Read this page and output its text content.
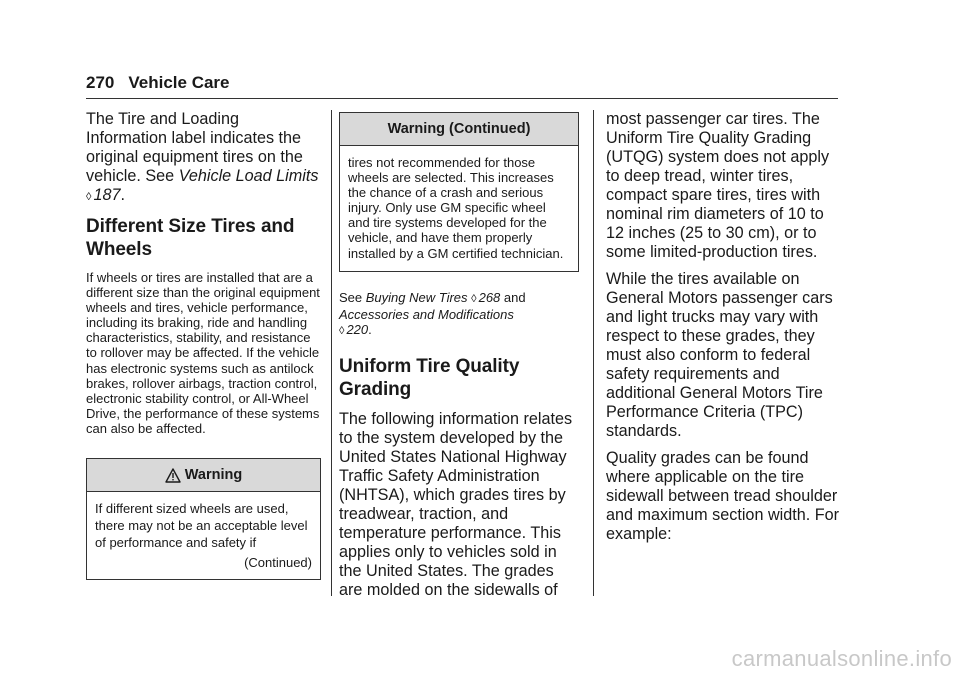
270 Vehicle Care

The Tire and Loading Information label indicates the original equipment tires on the vehicle. See Vehicle Load Limits
◊ 187.

Different Size Tires and Wheels

If wheels or tires are installed that are a different size than the original equipment wheels and tires, vehicle performance, including its braking, ride and handling characteristics, stability, and resistance to rollover may be affected. If the vehicle has electronic systems such as antilock brakes, rollover airbags, traction control, electronic stability control, or All-Wheel Drive, the performance of these systems can also be affected.

Warning
If different sized wheels are used, there may not be an acceptable level of performance and safety if
(Continued)
Warning (Continued)
tires not recommended for those wheels are selected. This increases the chance of a crash and serious injury. Only use GM specific wheel and tire systems developed for the vehicle, and have them properly installed by a GM certified technician.

See Buying New Tires ◊ 268 and
Accessories and Modifications
◊ 220.

Uniform Tire Quality Grading

The following information relates to the system developed by the United States National Highway Traffic Safety Administration (NHTSA), which grades tires by treadwear, traction, and temperature performance. This applies only to vehicles sold in the United States. The grades are molded on the sidewalls of

most passenger car tires. The Uniform Tire Quality Grading (UTQG) system does not apply to deep tread, winter tires, compact spare tires, tires with nominal rim diameters of 10 to 12 inches (25 to 30 cm), or to some limited-production tires.

While the tires available on General Motors passenger cars and light trucks may vary with respect to these grades, they must also conform to federal safety requirements and additional General Motors Tire Performance Criteria (TPC) standards.

Quality grades can be found where applicable on the tire sidewall between tread shoulder and maximum section width. For example:

carmanualsonline.info
